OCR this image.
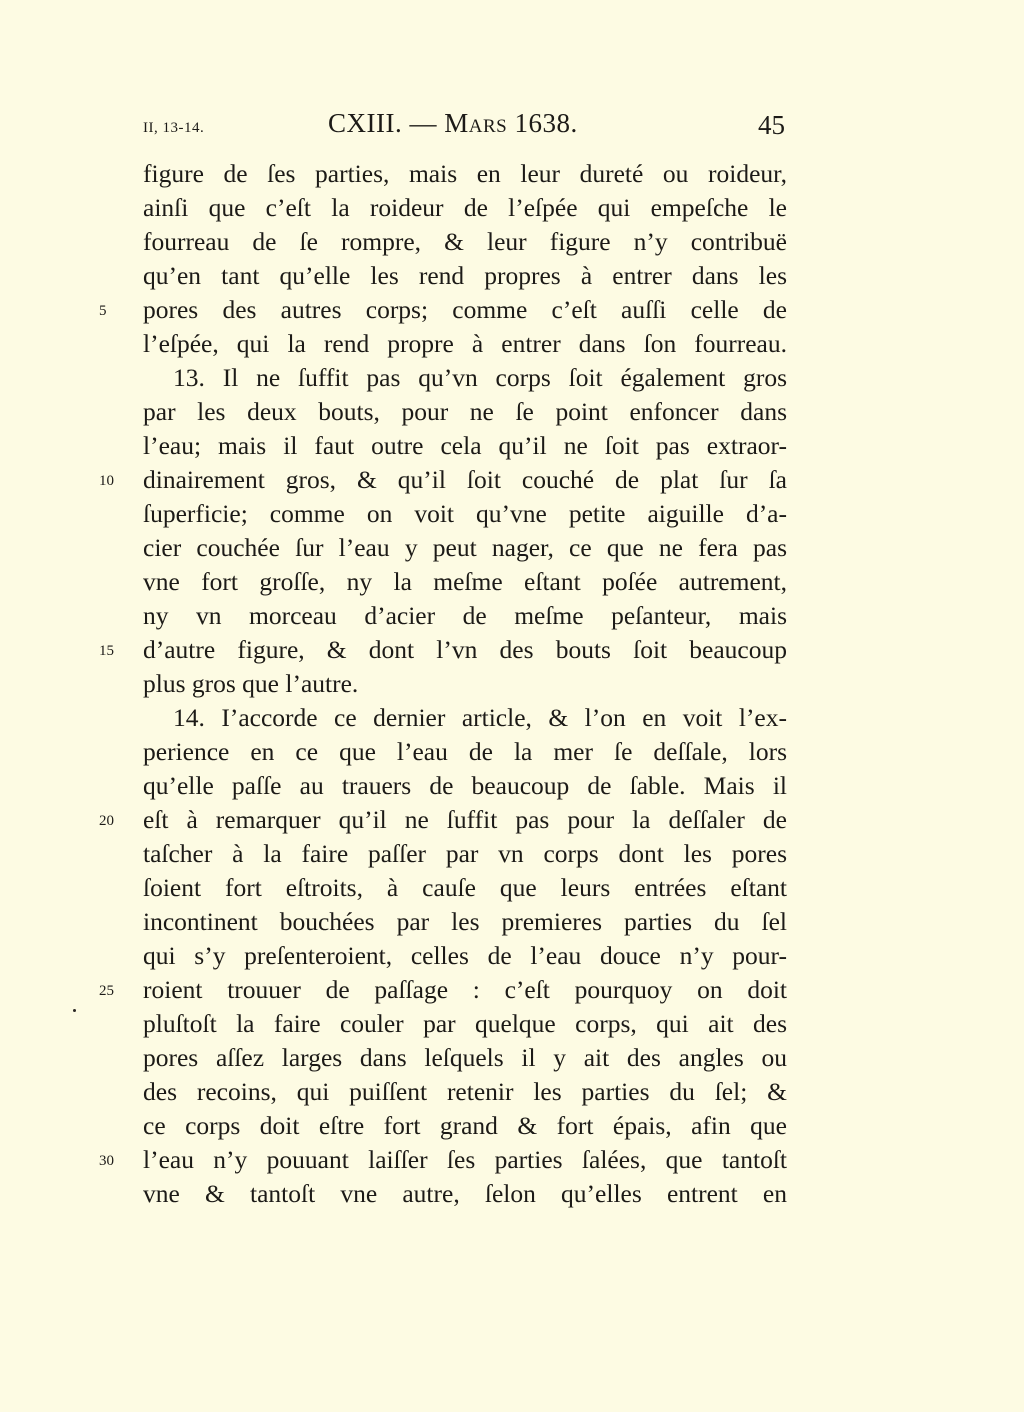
II, 13-14.	CXIII. — Mars 1638.	45
figure de ſes parties, mais en leur dureté ou roideur,
ainſi que c’eſt la roideur de l’eſpée qui empeſche le
fourreau de ſe rompre, & leur figure n’y contribuë
qu’en tant qu’elle les rend propres à entrer dans les
5	pores des autres corps; comme c’eſt auſſi celle de
l’eſpée, qui la rend propre à entrer dans ſon fourreau.
13. Il ne ſuffit pas qu’vn corps ſoit également gros
par les deux bouts, pour ne ſe point enfoncer dans
l’eau; mais il faut outre cela qu’il ne ſoit pas extraor-
10	dinairement gros, & qu’il ſoit couché de plat ſur ſa
ſuperficie; comme on voit qu’vne petite aiguille d’a-
cier couchée ſur l’eau y peut nager, ce que ne fera pas
vne fort groſſe, ny la meſme eſtant poſée autrement,
ny vn morceau d’acier de meſme peſanteur, mais
15	d’autre figure, & dont l’vn des bouts ſoit beaucoup
plus gros que l’autre.
14. I’accorde ce dernier article, & l’on en voit l’ex-
perience en ce que l’eau de la mer ſe deſſale, lors
qu’elle paſſe au trauers de beaucoup de ſable. Mais il
20	eſt à remarquer qu’il ne ſuffit pas pour la deſſaler de
taſcher à la faire paſſer par vn corps dont les pores
ſoient fort eſtroits, à cauſe que leurs entrées eſtant
incontinent bouchées par les premieres parties du ſel
qui s’y preſenteroient, celles de l’eau douce n’y pour-
25	roient trouuer de paſſage : c’eſt pourquoy on doit
pluſtoſt la faire couler par quelque corps, qui ait des
pores aſſez larges dans leſquels il y ait des angles ou
des recoins, qui puiſſent retenir les parties du ſel; &
ce corps doit eſtre fort grand & fort épais, afin que
30	l’eau n’y pouuant laiſſer ſes parties ſalées, que tantoſt
vne & tantoſt vne autre, ſelon qu’elles entrent en
